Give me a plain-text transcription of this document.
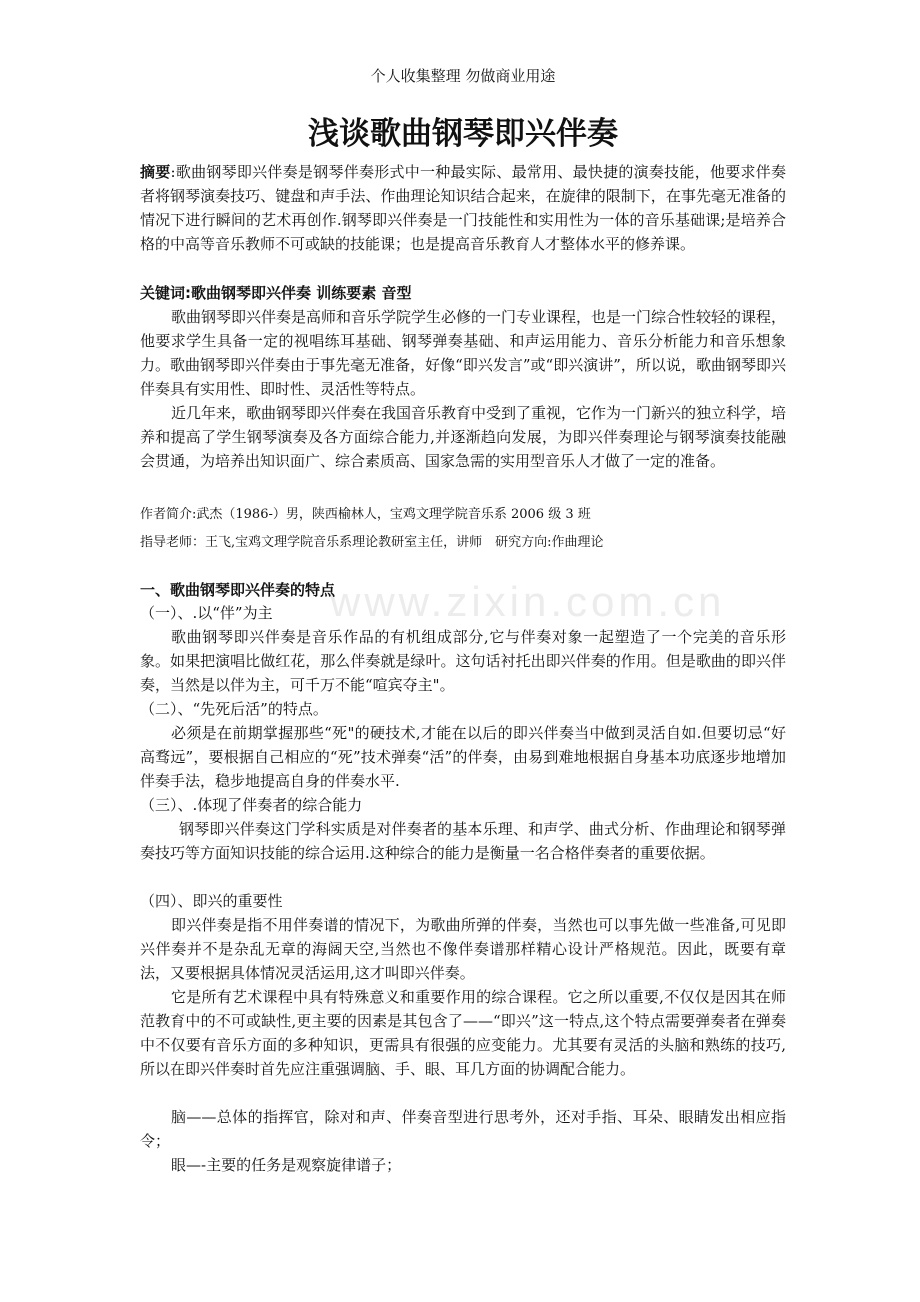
www.zixin.com.cn
个人收集整理 勿做商业用途
浅谈歌曲钢琴即兴伴奏

摘要:歌曲钢琴即兴伴奏是钢琴伴奏形式中一种最实际、最常用、最快捷的演奏技能，他要求伴奏者将钢琴演奏技巧、键盘和声手法、作曲理论知识结合起来，在旋律的限制下，在事先毫无准备的情况下进行瞬间的艺术再创作.钢琴即兴伴奏是一门技能性和实用性为一体的音乐基础课;是培养合格的中高等音乐教师不可或缺的技能课；也是提高音乐教育人才整体水平的修养课。

关键词:歌曲钢琴即兴伴奏 训练要素 音型

歌曲钢琴即兴伴奏是高师和音乐学院学生必修的一门专业课程，也是一门综合性较轻的课程，他要求学生具备一定的视唱练耳基础、钢琴弹奏基础、和声运用能力、音乐分析能力和音乐想象力。歌曲钢琴即兴伴奏由于事先毫无准备，好像“即兴发言”或“即兴演讲”，所以说，歌曲钢琴即兴伴奏具有实用性、即时性、灵活性等特点。

近几年来，歌曲钢琴即兴伴奏在我国音乐教育中受到了重视，它作为一门新兴的独立科学，培养和提高了学生钢琴演奏及各方面综合能力,并逐渐趋向发展，为即兴伴奏理论与钢琴演奏技能融会贯通，为培养出知识面广、综合素质高、国家急需的实用型音乐人才做了一定的准备。

作者简介:武杰（1986-）男，陕西榆林人，宝鸡文理学院音乐系 2006 级 3 班

指导老师：王飞,宝鸡文理学院音乐系理论教研室主任，讲师　研究方向:作曲理论

一、歌曲钢琴即兴伴奏的特点

（一）、.以“伴”为主

歌曲钢琴即兴伴奏是音乐作品的有机组成部分,它与伴奏对象一起塑造了一个完美的音乐形象。如果把演唱比做红花，那么伴奏就是绿叶。这句话衬托出即兴伴奏的作用。但是歌曲的即兴伴奏，当然是以伴为主，可千万不能“喧宾夺主"。

（二）、“先死后活”的特点。

必须是在前期掌握那些“死"的硬技术,才能在以后的即兴伴奏当中做到灵活自如.但要切忌“好高骛远”，要根据自己相应的“死”技术弹奏“活”的伴奏，由易到难地根据自身基本功底逐步地增加伴奏手法，稳步地提高自身的伴奏水平.

（三）、.体现了伴奏者的综合能力

钢琴即兴伴奏这门学科实质是对伴奏者的基本乐理、和声学、曲式分析、作曲理论和钢琴弹奏技巧等方面知识技能的综合运用.这种综合的能力是衡量一名合格伴奏者的重要依据。

（四）、即兴的重要性

即兴伴奏是指不用伴奏谱的情况下，为歌曲所弹的伴奏，当然也可以事先做一些准备,可见即兴伴奏并不是杂乱无章的海阔天空,当然也不像伴奏谱那样精心设计严格规范。因此，既要有章法，又要根据具体情况灵活运用,这才叫即兴伴奏。

它是所有艺术课程中具有特殊意义和重要作用的综合课程。它之所以重要,不仅仅是因其在师范教育中的不可或缺性,更主要的因素是其包含了——“即兴”这一特点,这个特点需要弹奏者在弹奏中不仅要有音乐方面的多种知识，更需具有很强的应变能力。尤其要有灵活的头脑和熟练的技巧, 所以在即兴伴奏时首先应注重强调脑、手、眼、耳几方面的协调配合能力。

脑——总体的指挥官，除对和声、伴奏音型进行思考外，还对手指、耳朵、眼睛发出相应指令；

眼—-主要的任务是观察旋律谱子；
